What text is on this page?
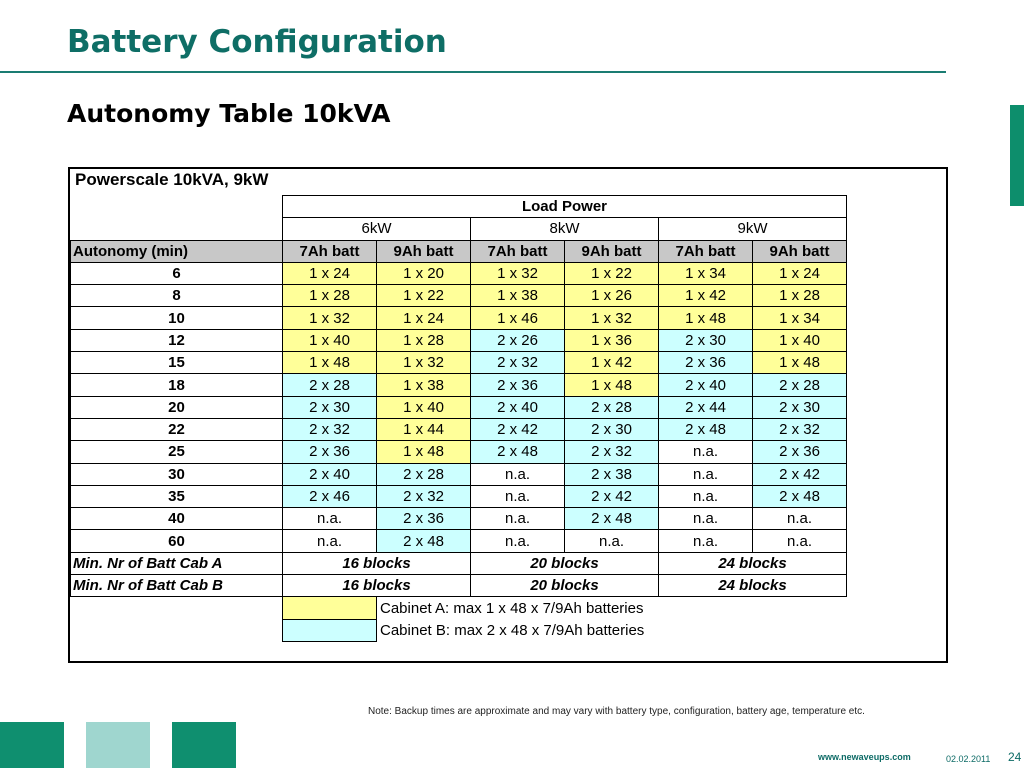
Battery Configuration
Autonomy Table 10kVA
Powerscale 10kVA, 9kW
	Load Power					
	6kW		8kW		9kW	
Autonomy (min)	7Ah batt	9Ah batt	7Ah batt	9Ah batt	7Ah batt	9Ah batt
6	1 x 24	1 x 20	1 x 32	1 x 22	1 x 34	1 x 24
8	1 x 28	1 x 22	1 x 38	1 x 26	1 x 42	1 x 28
10	1 x 32	1 x 24	1 x 46	1 x 32	1 x 48	1 x 34
12	1 x 40	1 x 28	2 x 26	1 x 36	2 x 30	1 x 40
15	1 x 48	1 x 32	2 x 32	1 x 42	2 x 36	1 x 48
18	2 x 28	1 x 38	2 x 36	1 x 48	2 x 40	2 x 28
20	2 x 30	1 x 40	2 x 40	2 x 28	2 x 44	2 x 30
22	2 x 32	1 x 44	2 x 42	2 x 30	2 x 48	2 x 32
25	2 x 36	1 x 48	2 x 48	2 x 32	n.a.	2 x 36
30	2 x 40	2 x 28	n.a.	2 x 38	n.a.	2 x 42
35	2 x 46	2 x 32	n.a.	2 x 42	n.a.	2 x 48
40	n.a.	2 x 36	n.a.	2 x 48	n.a.	n.a.
60	n.a.	2 x 48	n.a.	n.a.	n.a.	n.a.
Min. Nr of Batt Cab A	16 blocks		20 blocks		24 blocks	
Min. Nr of Batt Cab B	16 blocks		20 blocks		24 blocks	
		Cabinet A: max 1 x 48 x 7/9Ah batteries				
		Cabinet B: max 2 x 48 x 7/9Ah batteries				
Note: Backup times are approximate and may vary with battery type, configuration, battery age, temperature etc.
www.newaveups.com	02.02.2011 24
